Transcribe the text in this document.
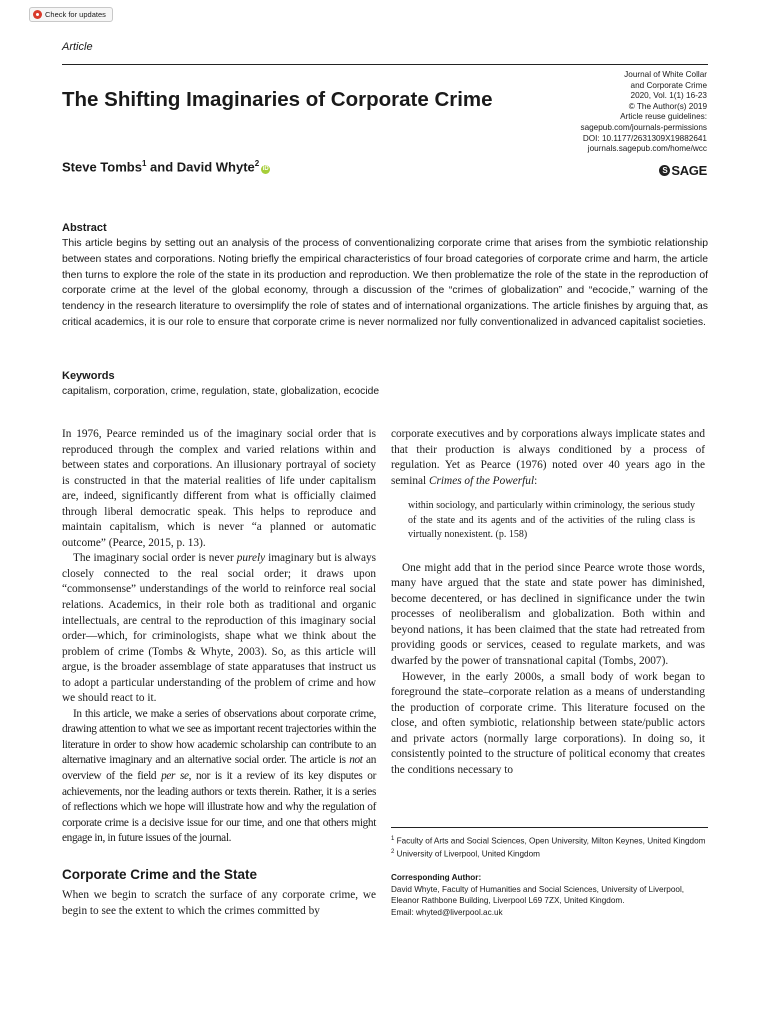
Check for updates
Article
The Shifting Imaginaries of Corporate Crime
Steve Tombs$^1$ and David Whyte$^2$iD
Journal of White Collar
and Corporate Crime
2020, Vol. 1(1) 16-23
© The Author(s) 2019
Article reuse guidelines:
sagepub.com/journals-permissions
DOI: 10.1177/2631309X19882641
journals.sagepub.com/home/wcc
S SAGE
Abstract

This article begins by setting out an analysis of the process of conventionalizing corporate crime that arises from the symbiotic relationship between states and corporations. Noting briefly the empirical characteristics of four broad categories of corporate crime and harm, the article then turns to explore the role of the state in its production and reproduction. We then problematize the role of the state in the reproduction of corporate crime at the level of the global economy, through a discussion of the “crimes of globalization” and “ecocide,” warning of the tendency in the research literature to oversimplify the role of states and of international organizations. The article finishes by arguing that, as critical academics, it is our role to ensure that corporate crime is never normalized nor fully conventionalized in advanced capitalist societies.

Keywords
capitalism, corporation, crime, regulation, state, globalization, ecocide

In 1976, Pearce reminded us of the imaginary social order that is reproduced through the complex and varied relations within and between states and corporations. An illusionary portrayal of society is constructed in that the material realities of life under capitalism are, indeed, significantly different from what is officially claimed through liberal democratic speak. This helps to reproduce and maintain capitalism, which is never “a planned or automatic outcome” (Pearce, 2015, p. 13).

The imaginary social order is never purely imaginary but is always closely connected to the real social order; it draws upon “commonsense” understandings of the world to reinforce real social relations. Academics, in their role both as traditional and organic intellectuals, are central to the reproduction of this imaginary social order—which, for criminologists, shape what we think about the problem of crime (Tombs & Whyte, 2003). So, as this article will argue, is the broader assemblage of state apparatuses that instruct us to adopt a particular understanding of the problem of crime and how we should react to it.

In this article, we make a series of observations about corporate crime, drawing attention to what we see as important recent trajectories within the literature in order to show how academic scholarship can contribute to an alternative imaginary and an alternative social order. The article is not an overview of the field per se, nor is it a review of its key disputes or achievements, nor the leading authors or texts therein. Rather, it is a series of reflections which we hope will illustrate how and why the regulation of corporate crime is a decisive issue for our time, and one that others might engage in, in future issues of the journal.

Corporate Crime and the State

When we begin to scratch the surface of any corporate crime, we begin to see the extent to which the crimes committed by

corporate executives and by corporations always implicate states and that their production is always conditioned by a process of regulation. Yet as Pearce (1976) noted over 40 years ago in the seminal Crimes of the Powerful:

within sociology, and particularly within criminology, the serious study of the state and its agents and of the activities of the ruling class is virtually nonexistent. (p. 158)

One might add that in the period since Pearce wrote those words, many have argued that the state and state power has diminished, become decentered, or has declined in significance under the twin processes of neoliberalism and globalization. Both within and beyond nations, it has been claimed that the state had retreated from providing goods or services, ceased to regulate markets, and was dwarfed by the power of transnational capital (Tombs, 2007).

However, in the early 2000s, a small body of work began to foreground the state–corporate relation as a means of understanding the production of corporate crime. This literature focused on the close, and often symbiotic, relationship between state/public actors and private actors (normally large corporations). In doing so, it consistently pointed to the structure of political economy that creates the conditions necessary to

$^1$ Faculty of Arts and Social Sciences, Open University, Milton Keynes, United Kingdom

$^2$ University of Liverpool, United Kingdom

Corresponding Author:

David Whyte, Faculty of Humanities and Social Sciences, University of Liverpool, Eleanor Rathbone Building, Liverpool L69 7ZX, United Kingdom.

Email: whyted@liverpool.ac.uk
